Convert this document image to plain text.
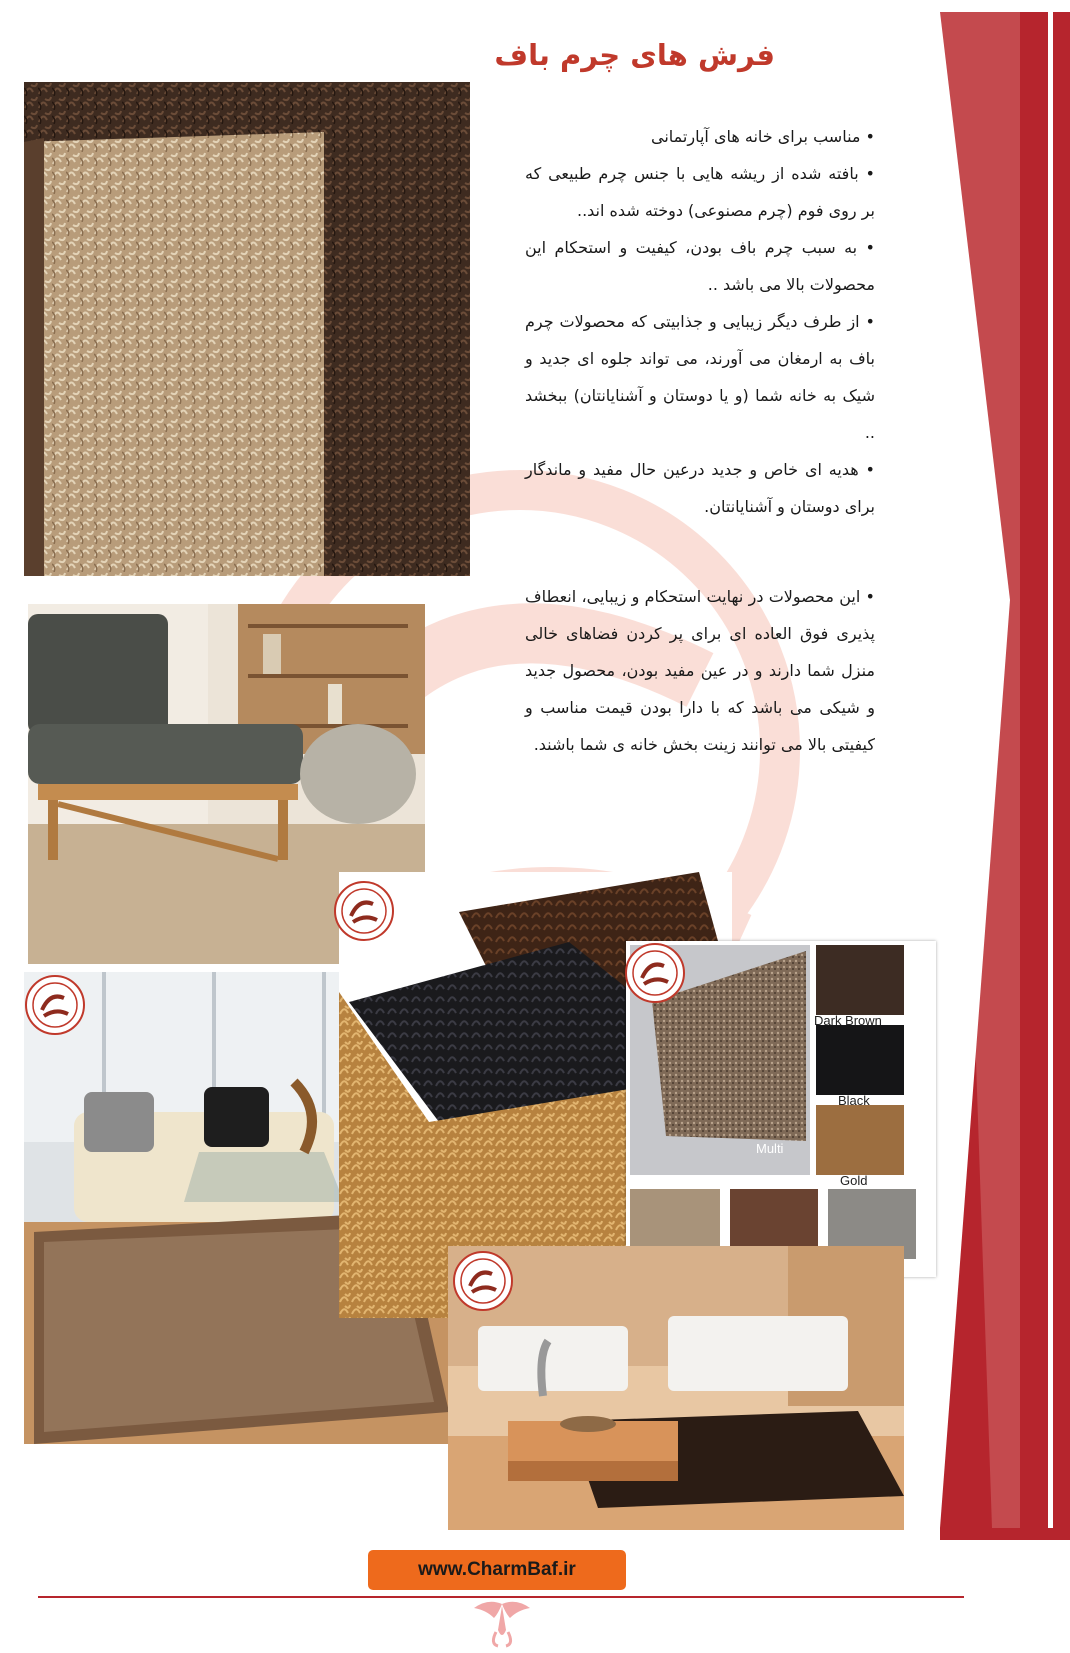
فرش های چرم باف

• مناسب برای خانه های آپارتمانی

• بافته شده از ریشه هایی با جنس چرم طبیعی که بر روی فوم (چرم مصنوعی) دوخته شده اند..

• به سبب چرم باف بودن، کیفیت و استحکام این محصولات بالا می باشد ..

• از طرف دیگر زیبایی و جذابیتی که محصولات چرم باف به ارمغان می آورند، می تواند جلوه ای جدید و شیک به خانه شما (و یا دوستان و آشنایانتان) ببخشد ..

• هدیه ای خاص و جدید درعین حال مفید و ماندگار برای دوستان و آشنایانتان.

• این محصولات در نهایت استحکام و زیبایی، انعطاف پذیری فوق العاده ای برای پر کردن فضاهای خالی منزل شما دارند و در عین مفید بودن، محصول جدید و شیکی می باشد که با دارا بودن قیمت مناسب و کیفیتی بالا می توانند زینت بخش خانه ی شما باشند.

Multi
Dark Brown
Black
Gold
www.CharmBaf.ir
